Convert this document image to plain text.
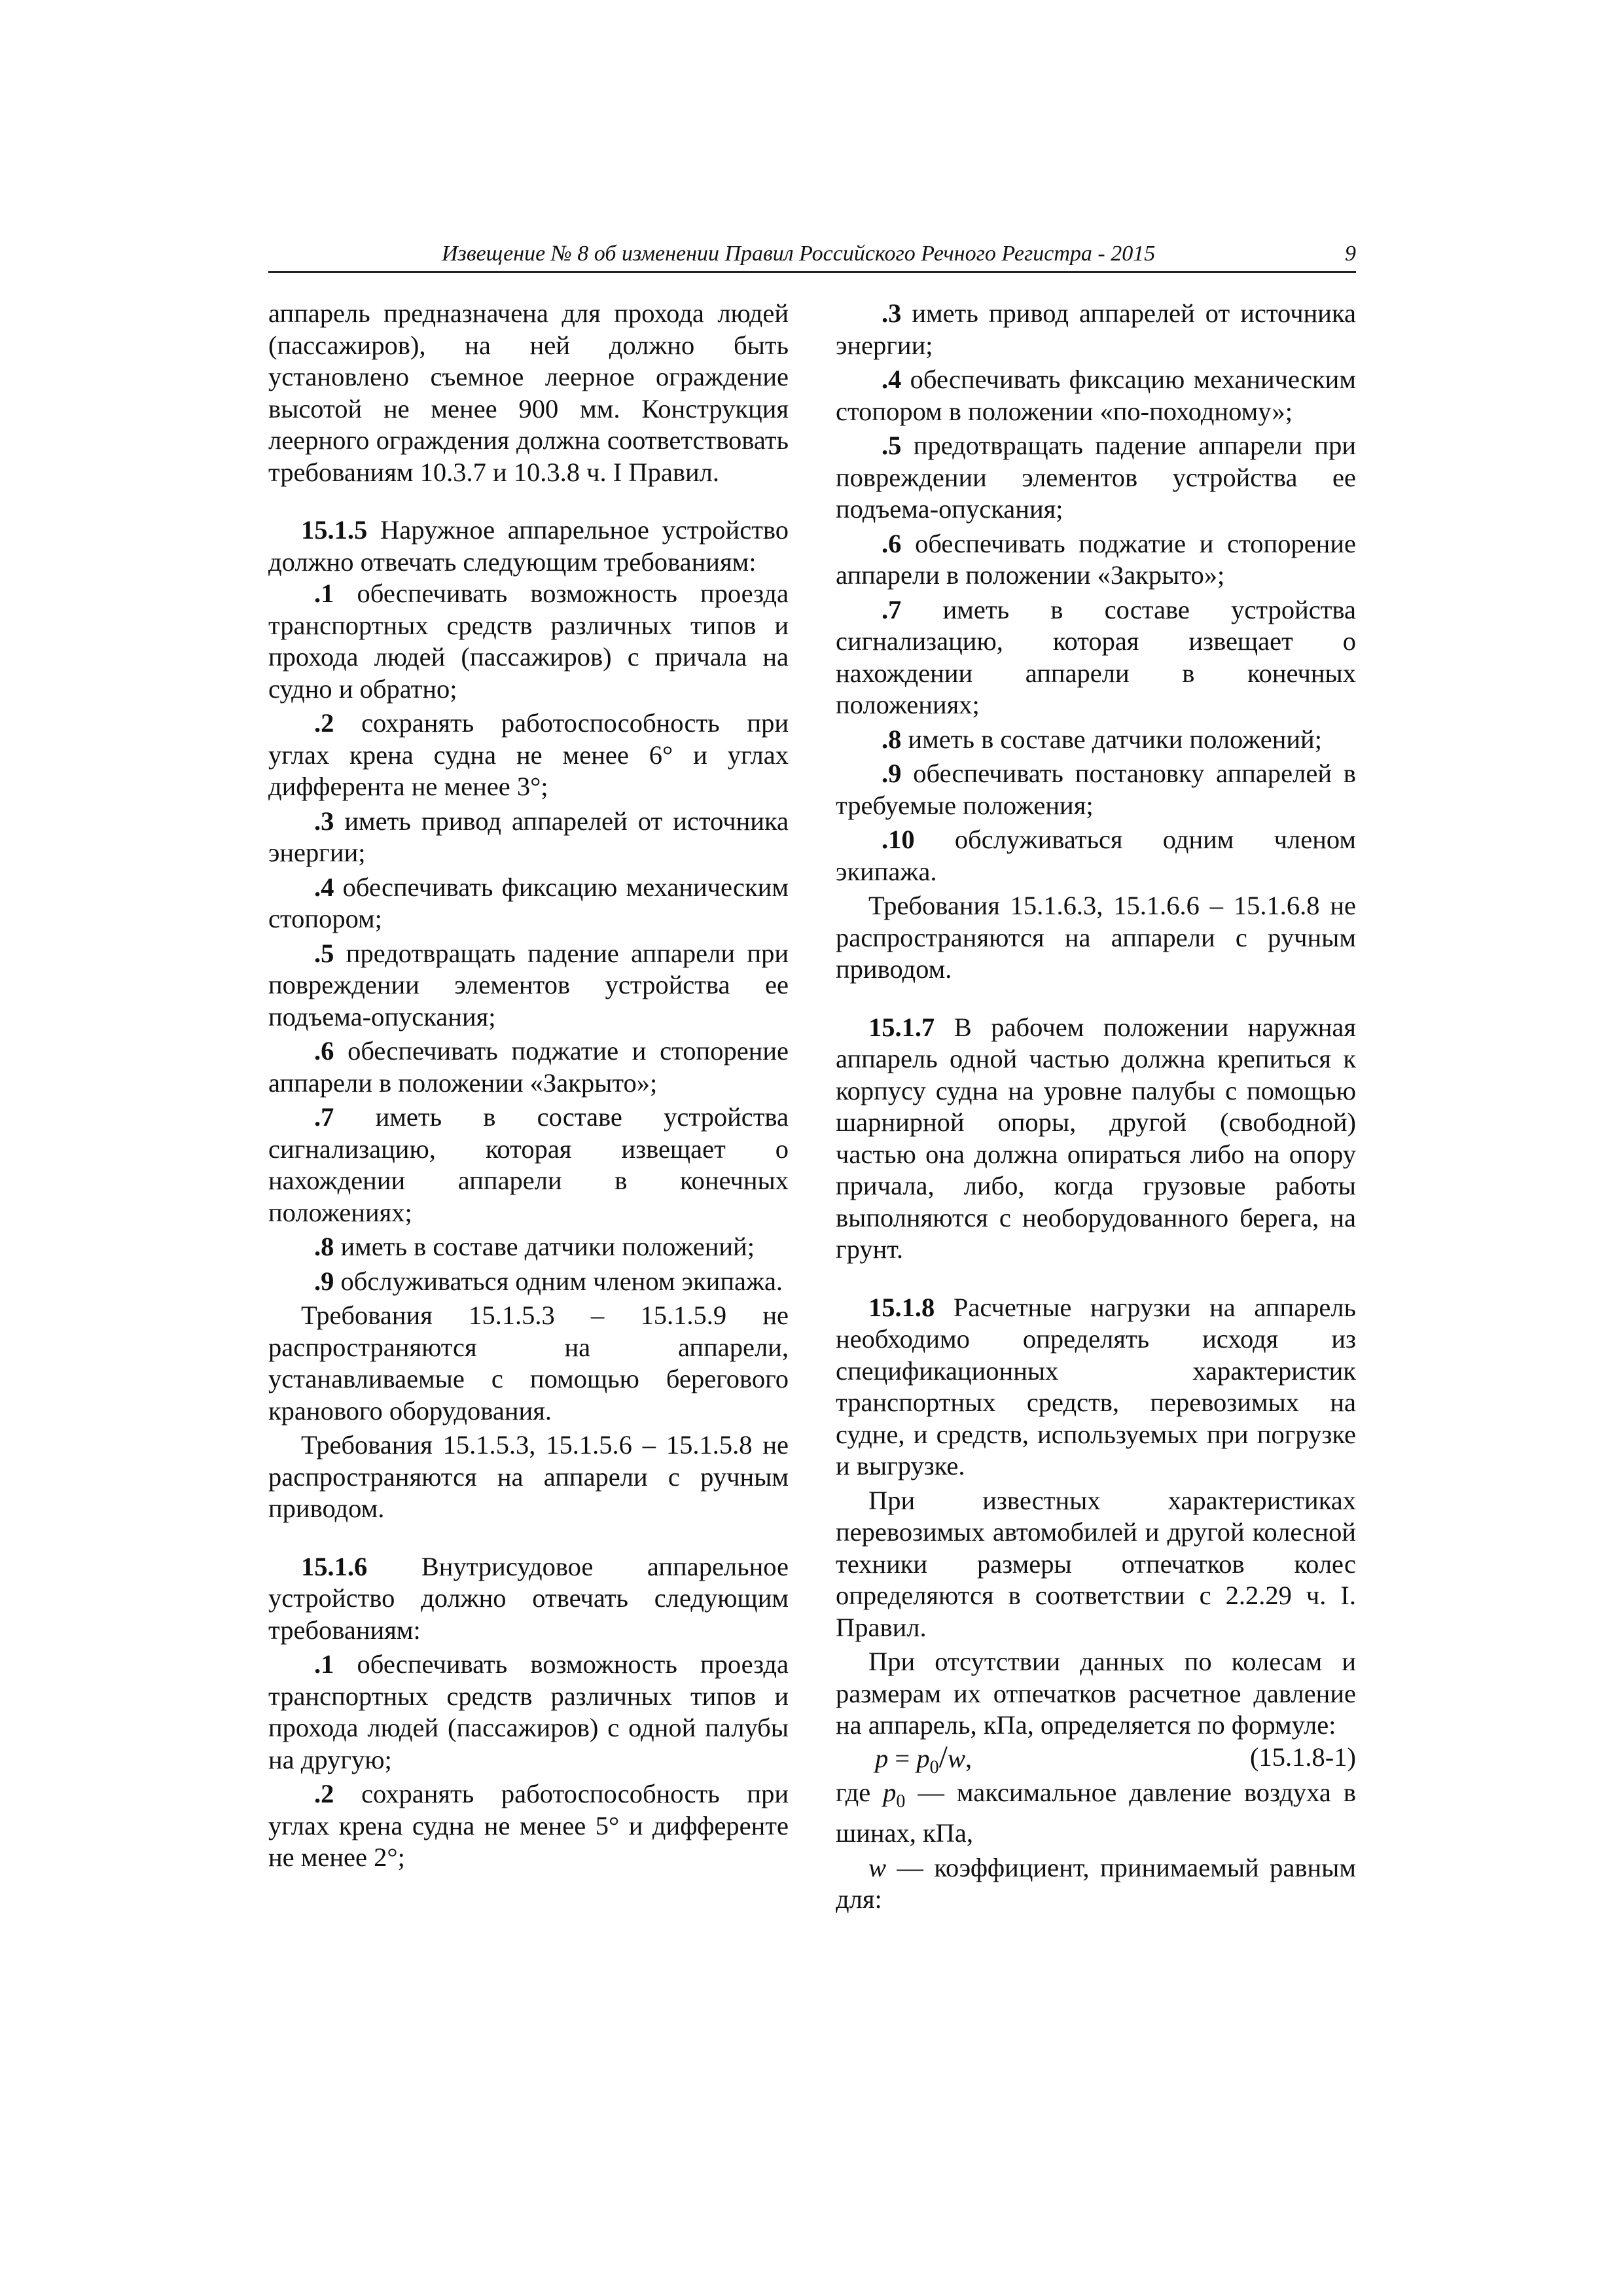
Извещение № 8 об изменении Правил Российского Речного Регистра - 2015	9

аппарель предназначена для прохода людей (пассажиров), на ней должно быть установлено съемное леерное ограждение высотой не менее 900 мм. Конструкция леерного ограждения должна соответствовать требованиям 10.3.7 и 10.3.8 ч. I Правил.

15.1.5 Наружное аппарельное устройство должно отвечать следующим требованиям:

.1 обеспечивать возможность проезда транспортных средств различных типов и прохода людей (пассажиров) с причала на судно и обратно;

.2 сохранять работоспособность при углах крена судна не менее 6° и углах дифферента не менее 3°;

.3 иметь привод аппарелей от источника энергии;

.4 обеспечивать фиксацию механическим стопором;

.5 предотвращать падение аппарели при повреждении элементов устройства ее подъема-опускания;

.6 обеспечивать поджатие и стопорение аппарели в положении «Закрыто»;

.7 иметь в составе устройства сигнализацию, которая извещает о нахождении аппарели в конечных положениях;

.8 иметь в составе датчики положений;

.9 обслуживаться одним членом экипажа.

Требования 15.1.5.3 – 15.1.5.9 не распространяются на аппарели, устанавливаемые с помощью берегового кранового оборудования.

Требования 15.1.5.3, 15.1.5.6 – 15.1.5.8 не распространяются на аппарели с ручным приводом.

15.1.6 Внутрисудовое аппарельное устройство должно отвечать следующим требованиям:

.1 обеспечивать возможность проезда транспортных средств различных типов и прохода людей (пассажиров) с одной палубы на другую;

.2 сохранять работоспособность при углах крена судна не менее 5° и дифференте не менее 2°;

.3 иметь привод аппарелей от источника энергии;

.4 обеспечивать фиксацию механическим стопором в положении «по-походному»;

.5 предотвращать падение аппарели при повреждении элементов устройства ее подъема-опускания;

.6 обеспечивать поджатие и стопорение аппарели в положении «Закрыто»;

.7 иметь в составе устройства сигнализацию, которая извещает о нахождении аппарели в конечных положениях;

.8 иметь в составе датчики положений;

.9 обеспечивать постановку аппарелей в требуемые положения;

.10 обслуживаться одним членом экипажа.

Требования 15.1.6.3, 15.1.6.6 – 15.1.6.8 не распространяются на аппарели с ручным приводом.

15.1.7 В рабочем положении наружная аппарель одной частью должна крепиться к корпусу судна на уровне палубы с помощью шарнирной опоры, другой (свободной) частью она должна опираться либо на опору причала, либо, когда грузовые работы выполняются с необорудованного берега, на грунт.

15.1.8 Расчетные нагрузки на аппарель необходимо определять исходя из спецификационных характеристик транспортных средств, перевозимых на судне, и средств, используемых при погрузке и выгрузке.

При известных характеристиках перевозимых автомобилей и другой колесной техники размеры отпечатков колес определяются в соответствии с 2.2.29 ч. I. Правил.

При отсутствии данных по колесам и размерам их отпечатков расчетное давление на аппарель, кПа, определяется по формуле:

$p = p_0/w$,	(15.1.8-1)

где $p_0$ — максимальное давление воздуха в шинах, кПа,

w — коэффициент, принимаемый равным для:
